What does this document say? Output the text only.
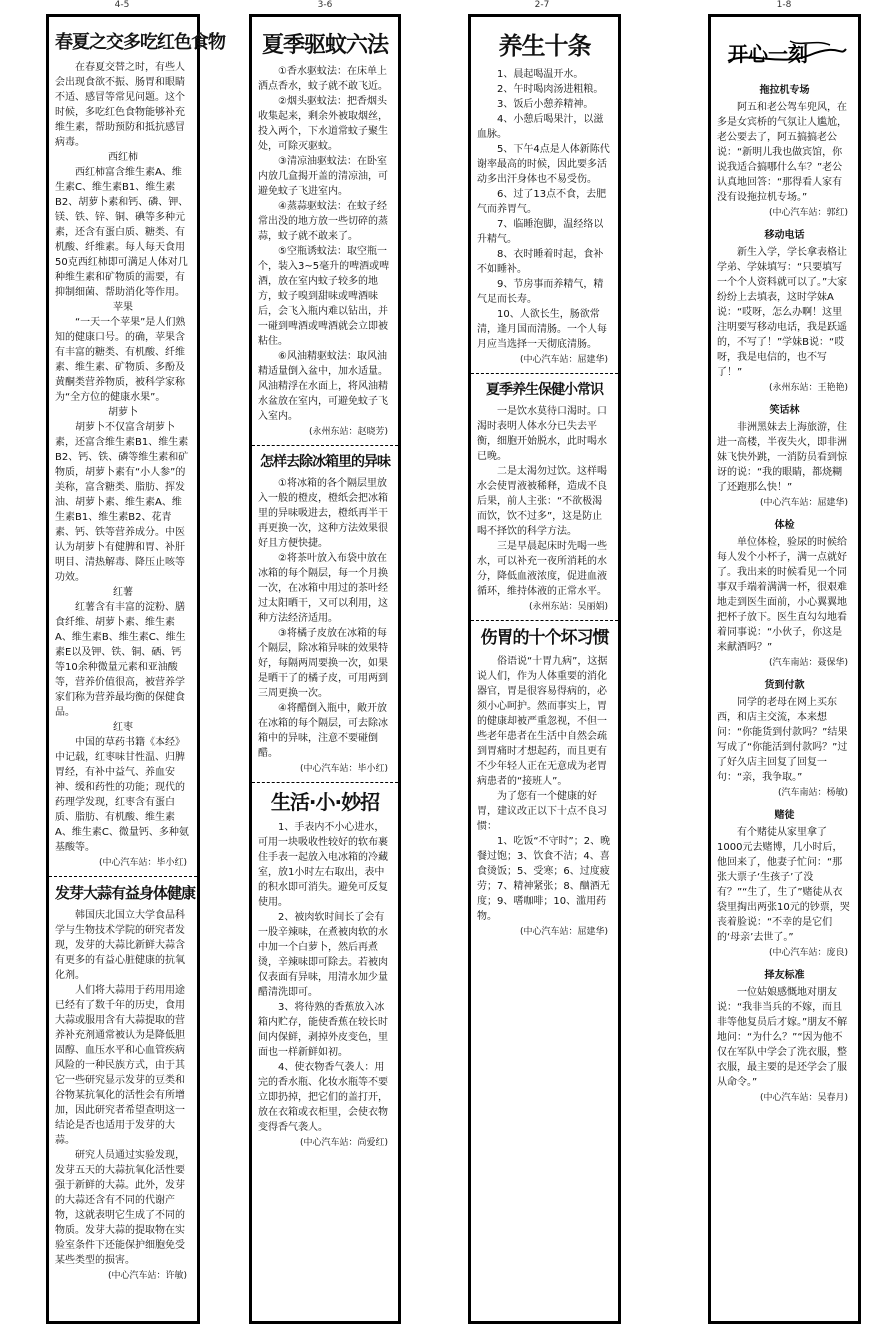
4-5	3-6	2-7	1-8
春夏之交多吃红色食物

在春夏交替之时，有些人会出现食欲不振、肠胃和眼睛不适、感冒等常见问题。这个时候，多吃红色食物能够补充维生素，帮助预防和抵抗感冒病毒。

西红柿

西红柿富含维生素A、维生素C、维生素B1、维生素B2、胡萝卜素和钙、磷、钾、镁、铁、锌、铜、碘等多种元素，还含有蛋白质、糖类、有机酸、纤维素。每人每天食用50克西红柿即可满足人体对几种维生素和矿物质的需要，有抑制细菌、帮助消化等作用。

苹果

“一天一个苹果”是人们熟知的健康口号。的确，苹果含有丰富的糖类、有机酸、纤维素、维生素、矿物质、多酚及黄酮类营养物质，被科学家称为“全方位的健康水果”。

胡萝卜

胡萝卜不仅富含胡萝卜素，还富含维生素B1、维生素B2、钙、铁、磷等维生素和矿物质，胡萝卜素有“小人参”的美称，富含糖类、脂肪、挥发油、胡萝卜素、维生素A、维生素B1、维生素B2、花青素、钙、铁等营养成分。中医认为胡萝卜有健脾和胃、补肝明目、清热解毒、降压止咳等功效。

红薯

红薯含有丰富的淀粉、膳食纤维、胡萝卜素、维生素A、维生素B、维生素C、维生素E以及钾、铁、铜、硒、钙等10余种微量元素和亚油酸等，营养价值很高，被营养学家们称为营养最均衡的保健食品。

红枣

中国的草药书籍《本经》中记载，红枣味甘性温、归脾胃经，有补中益气、养血安神、缓和药性的功能；现代的药理学发现，红枣含有蛋白质、脂肪、有机酸、维生素A、维生素C、微量钙、多种氨基酸等。

(中心汽车站：毕小红)
发芽大蒜有益身体健康

韩国庆北国立大学食品科学与生物技术学院的研究者发现，发芽的大蒜比新鲜大蒜含有更多的有益心脏健康的抗氧化剂。

人们将大蒜用于药用用途已经有了数千年的历史，食用大蒜或服用含有大蒜提取的营养补充剂通常被认为是降低胆固醇、血压水平和心血管疾病风险的一种民族方式，由于其它一些研究显示发芽的豆类和谷物某抗氧化的活性会有所增加，因此研究者希望查明这一结论是否也适用于发芽的大蒜。

研究人员通过实验发现，发芽五天的大蒜抗氧化活性要强于新鲜的大蒜。此外，发芽的大蒜还含有不同的代谢产物，这就表明它生成了不同的物质。发芽大蒜的提取物在实验室条件下还能保护细胞免受某些类型的损害。

(中心汽车站：许敏)
夏季驱蚊六法

①香水驱蚊法：在床单上洒点香水，蚊子就不敢飞近。

②烟头驱蚊法：把香烟头收集起来，剩余外被取烟丝，投入两个，下水道常蚊子聚生处，可除灭驱蚊。

③清凉油驱蚊法：在卧室内放几盒揭开盖的清凉油，可避免蚊子飞进室内。

④蒸蒜驱蚊法：在蚊子经常出没的地方放一些切碎的蒸蒜，蚊子就不敢来了。

⑤空瓶诱蚊法：取空瓶一个，装入3~5毫升的啤酒或啤酒，放在室内蚊子较多的地方，蚊子嗅到甜味或啤酒味后，会飞入瓶内难以钻出，并一碰到啤酒或啤酒就会立即被粘住。

⑥风油精驱蚊法：取风油精适量倒入盆中，加水适量。风油精浮在水面上，将风油精水盆放在室内，可避免蚊子飞入室内。

(永州东站：赵晓芳)
怎样去除冰箱里的异味

①将冰箱的各个隔层里放入一般的橙皮，橙纸会把冰箱里的异味吸进去，橙纸再半干再更换一次，这种方法效果很好且方便快捷。

②将茶叶放入布袋中放在冰箱的每个隔层，每一个月换一次，在冰箱中用过的茶叶经过太阳晒干，又可以利用，这种方法经济适用。

③将橘子皮放在冰箱的每个隔层，除冰箱异味的效果特好，每隔两周要换一次，如果是晒干了的橘子皮，可用两到三周更换一次。

④将醋倒入瓶中，敞开放在冰箱的每个隔层，可去除冰箱中的异味，注意不要碰倒醋。

(中心汽车站：毕小红)
生活·小·妙招

1、手表内不小心进水，可用一块吸收性较好的软布裹住手表一起放入电冰箱的冷藏室，放1小时左右取出，表中的积水即可消失。避免可反复使用。

2、被肉软时间长了会有一股辛辣味，在煮被肉软的水中加一个白萝卜，然后再煮烫，辛辣味即可除去。若被肉仅表面有异味，用清水加少量醋清洗即可。

3、将待熟的香蕉放入冰箱内贮存，能使香蕉在较长时间内保鲜，剥掉外皮变色，里面也一样新鲜如初。

4、使衣物香气袭人：用完的香水瓶、化妆水瓶等不要立即扔掉，把它们的盖打开，放在衣箱或衣柜里，会使衣物变得香气袭人。

(中心汽车站：尚爱红)
养生十条

1、晨起喝温开水。

2、午时喝肉汤进粗粮。

3、饭后小憩养精神。

4、小憩后喝果汁，以滋血脉。

5、下午4点是人体新陈代谢率最高的时候，因此要多活动多出汗身体也不易受伤。

6、过了13点不食，去肥气而养胃气。

7、临睡泡脚，温经络以升精气。

8、衣时睡着时起，食补不如睡补。

9、节房事而养精气，精气足而长寿。

10、人欲长生，肠欲常清，逢月国而清肠。一个人每月应当选择一天彻底清肠。

(中心汽车站：屈建华)
夏季养生保健小常识

一是饮水莫待口渴时。口渴时表明人体水分已失去平衡，细胞开始脱水，此时喝水已晚。

二是太渴勿过饮。这样喝水会使胃液被稀释，造成不良后果，前人主张：“不欲极渴而饮，饮不过多”，这是防止喝不择饮的科学方法。

三是早晨起床时先喝一些水，可以补充一夜所消耗的水分，降低血液浓度，促进血液循环，维持体液的正常水平。

(永州东站：吴丽娟)
伤胃的十个坏习惯

俗语说“十胃九病”，这据说人们，作为人体重要的消化器官，胃是很容易得病的，必须小心呵护。然而事实上，胃的健康却被严重忽视，不但一些老年患者在生活中自然会疏到胃痛时才想起药，而且更有不少年轻人正在无意成为老胃病患者的“接班人”。

为了您有一个健康的好胃，建议改正以下十点不良习惯：

1、吃饭“不守时”；2、晚餐过饱；3、饮食不洁；4、喜食烫饭；5、受寒；6、过度疲劳；7、精神紧张；8、酗酒无度；9、嗜咖啡；10、滥用药物。

(中心汽车站：屈建华)
开心一刻
拖拉机专场

阿五和老公驾车兜风，在多是女宾桥的气氛让人尴尬，老公要去了，阿五搞搞老公说：“新明儿我也做宾馆，你说我适合搞哪什么车？”老公认真地回答：“那得看人家有没有设拖拉机专场。”

(中心汽车站：郭红)
移动电话

新生入学，学长拿表格让学弟、学妹填写：“只要填写一个个人资料就可以了。”大家纷纷上去填表，这时学妹A说：“哎呀，怎么办啊！这里注明要写移动电话，我是跃遥的，不写了！”学妹B说：“哎呀，我是电信的，也不写了！”

(永州东站：王艳艳)
笑话林

非洲黑妹去上海旅游，住进一高楼，半夜失火，即非洲妹飞快外跳，一消防员看到惊讶的说：“我的眼睛，都烧糊了还跑那么快！”

(中心汽车站：屈建华)
体检

单位体检，验尿的时候给每人发个小杯子，满一点就好了。我出来的时候看见一个同事双手端着满满一杯，很艰难地走到医生面前，小心翼翼地把杯子放下。医生直勾勾地看着同事说：“小伙子，你这是来献酒吗？”

(汽车南站：聂保华)
货到付款

同学的老母在网上买东西，和店主交流，本来想问：“你能货到付款吗？”结果写成了“你能活到付款吗？”过了好久店主回复了回复一句：“亲，我争取。”

(汽车南站：杨敏)
赌徒

有个赌徒从家里拿了1000元去赌博，几小时后，他回来了，他妻子忙问：“那张大票子‘生孩子’了没有？”“生了，生了”赌徒从衣袋里掏出两张10元的钞票，哭丧着脸说：“不幸的是它们的‘母亲’去世了。”

(中心汽车站：庞良)
择友标准

一位姑娘感慨地对朋友说：“我非当兵的不嫁，而且非等他复员后才嫁。”朋友不解地问：“为什么？”“因为他不仅在军队中学会了洗衣服，整衣服，最主要的是还学会了服从命令。”

(中心汽车站：吴春月)
